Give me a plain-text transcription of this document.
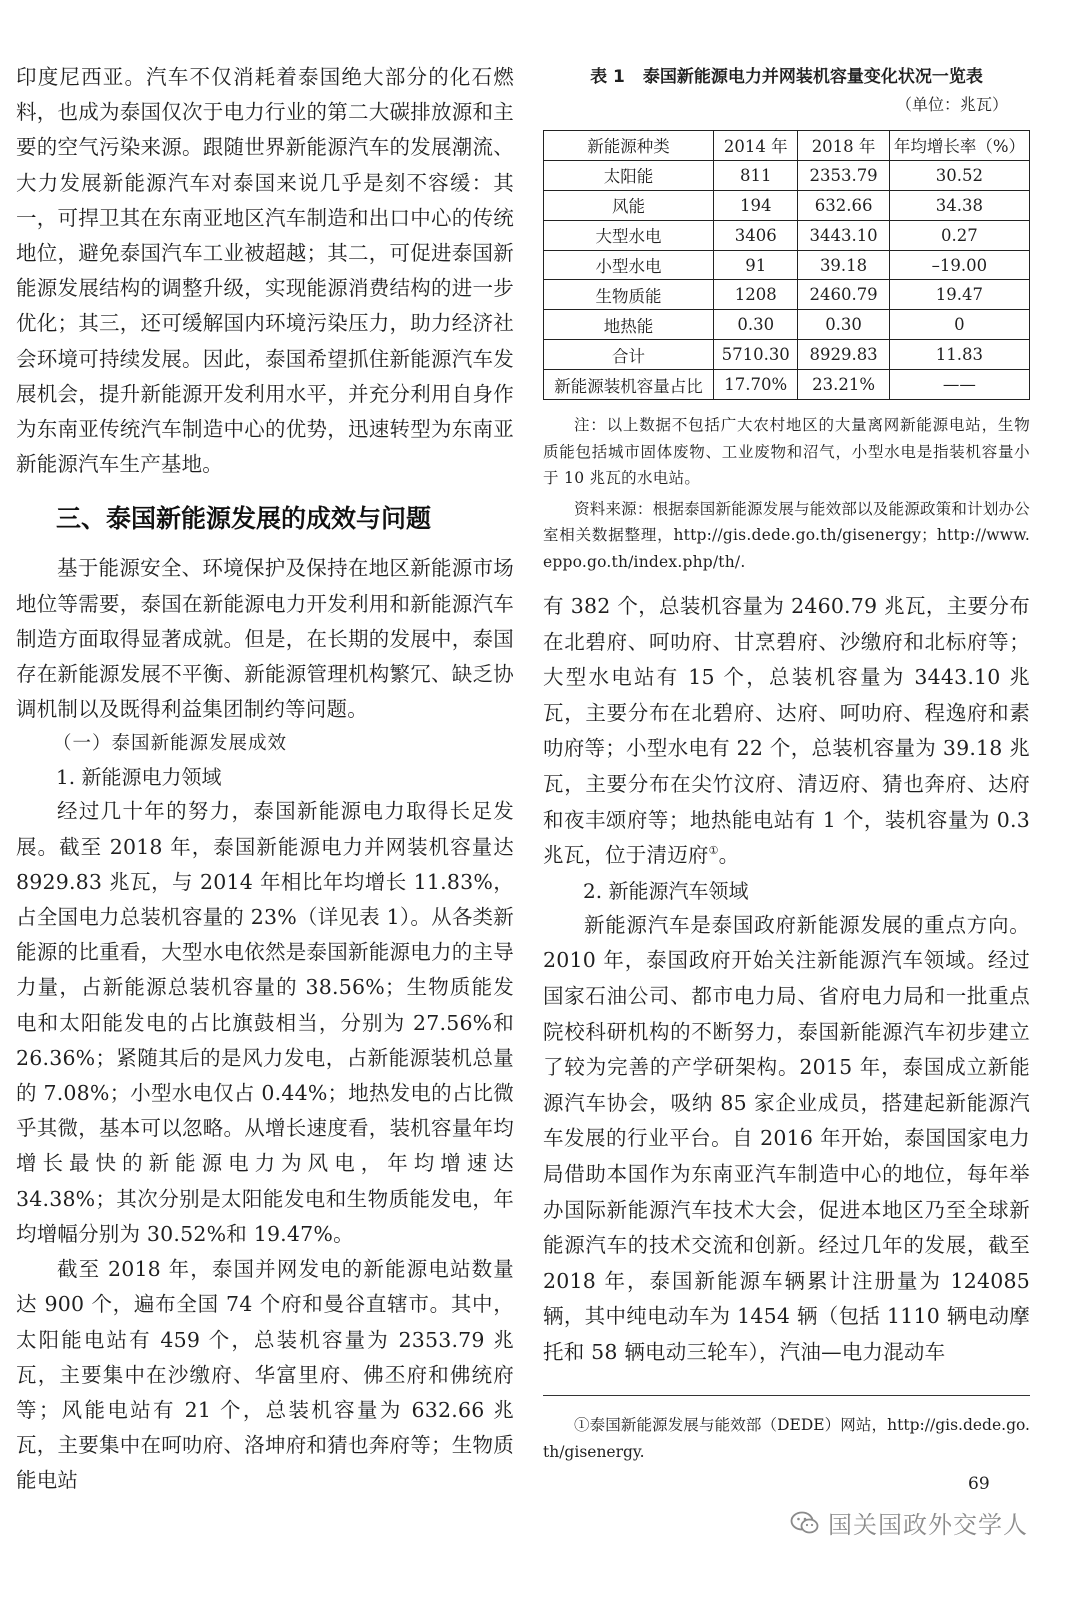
印度尼西亚。汽车不仅消耗着泰国绝大部分的化石燃料，也成为泰国仅次于电力行业的第二大碳排放源和主要的空气污染来源。跟随世界新能源汽车的发展潮流、大力发展新能源汽车对泰国来说几乎是刻不容缓：其一，可捍卫其在东南亚地区汽车制造和出口中心的传统地位，避免泰国汽车工业被超越；其二，可促进泰国新能源发展结构的调整升级，实现能源消费结构的进一步优化；其三，还可缓解国内环境污染压力，助力经济社会环境可持续发展。因此，泰国希望抓住新能源汽车发展机会，提升新能源开发利用水平，并充分利用自身作为东南亚传统汽车制造中心的优势，迅速转型为东南亚新能源汽车生产基地。

三、泰国新能源发展的成效与问题

基于能源安全、环境保护及保持在地区新能源市场地位等需要，泰国在新能源电力开发利用和新能源汽车制造方面取得显著成就。但是，在长期的发展中，泰国存在新能源发展不平衡、新能源管理机构繁冗、缺乏协调机制以及既得利益集团制约等问题。

（一）泰国新能源发展成效

1. 新能源电力领域

经过几十年的努力，泰国新能源电力取得长足发展。截至 2018 年，泰国新能源电力并网装机容量达 8929.83 兆瓦，与 2014 年相比年均增长 11.83%，占全国电力总装机容量的 23%（详见表 1）。从各类新能源的比重看，大型水电依然是泰国新能源电力的主导力量，占新能源总装机容量的 38.56%；生物质能发电和太阳能发电的占比旗鼓相当，分别为 27.56%和 26.36%；紧随其后的是风力发电，占新能源装机总量的 7.08%；小型水电仅占 0.44%；地热发电的占比微乎其微，基本可以忽略。从增长速度看，装机容量年均增长最快的新能源电力为风电，年均增速达 34.38%；其次分别是太阳能发电和生物质能发电，年均增幅分别为 30.52%和 19.47%。

截至 2018 年，泰国并网发电的新能源电站数量达 900 个，遍布全国 74 个府和曼谷直辖市。其中，太阳能电站有 459 个，总装机容量为 2353.79 兆瓦，主要集中在沙缴府、华富里府、佛丕府和佛统府等；风能电站有 21 个，总装机容量为 632.66 兆瓦，主要集中在呵叻府、洛坤府和猜也奔府等；生物质能电站

表 1 泰国新能源电力并网装机容量变化状况一览表

（单位：兆瓦）

新能源种类	2014 年	2018 年	年均增长率（%）
太阳能	811	2353.79	30.52
风能	194	632.66	34.38
大型水电	3406	3443.10	0.27
小型水电	91	39.18	–19.00
生物质能	1208	2460.79	19.47
地热能	0.30	0.30	0
合计	5710.30	8929.83	11.83
新能源装机容量占比	17.70%	23.21%	——

注：以上数据不包括广大农村地区的大量离网新能源电站，生物质能包括城市固体废物、工业废物和沼气，小型水电是指装机容量小于 10 兆瓦的水电站。

资料来源：根据泰国新能源发展与能效部以及能源政策和计划办公室相关数据整理，http://gis.dede.go.th/gisenergy；http://www.eppo.go.th/index.php/th/.

有 382 个，总装机容量为 2460.79 兆瓦，主要分布在北碧府、呵叻府、甘烹碧府、沙缴府和北标府等；大型水电站有 15 个，总装机容量为 3443.10 兆瓦，主要分布在北碧府、达府、呵叻府、程逸府和素叻府等；小型水电有 22 个，总装机容量为 39.18 兆瓦，主要分布在尖竹汶府、清迈府、猜也奔府、达府和夜丰颂府等；地热能电站有 1 个，装机容量为 0.3 兆瓦，位于清迈府①。

2. 新能源汽车领域

新能源汽车是泰国政府新能源发展的重点方向。2010 年，泰国政府开始关注新能源汽车领域。经过国家石油公司、都市电力局、省府电力局和一批重点院校科研机构的不断努力，泰国新能源汽车初步建立了较为完善的产学研架构。2015 年，泰国成立新能源汽车协会，吸纳 85 家企业成员，搭建起新能源汽车发展的行业平台。自 2016 年开始，泰国国家电力局借助本国作为东南亚汽车制造中心的地位，每年举办国际新能源汽车技术大会，促进本地区乃至全球新能源汽车的技术交流和创新。经过几年的发展，截至 2018 年，泰国新能源车辆累计注册量为 124085 辆，其中纯电动车为 1454 辆（包括 1110 辆电动摩托和 58 辆电动三轮车），汽油—电力混动车

①泰国新能源发展与能效部（DEDE）网站，http://gis.dede.go.th/gisenergy.

69
国关国政外交学人
